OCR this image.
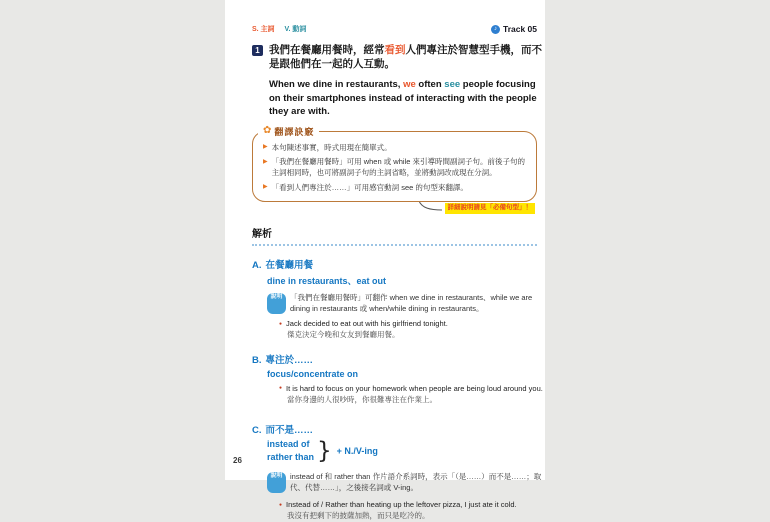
S. 主詞 V. 動詞	♪ Track 05
1 我們在餐廳用餐時，經常看到人們專注於智慧型手機，而不是跟他們在一起的人互動。
When we dine in restaurants, we often see people focusing on their smartphones instead of interacting with the people they are with.
✿ 翻譯訣竅
▶ 本句陳述事實，時式用現在簡單式。
▶ 「我們在餐廳用餐時」可用 when 或 while 來引導時間副詞子句。前後子句的主詞相同時，也可將副詞子句的主詞省略，並將動詞改成現在分詞。
▶ 「看到人們專注於……」可用感官動詞 see 的句型來翻譯。
詳細說明請見「必備句型」！
解析
A. 在餐廳用餐
dine in restaurants、eat out
說明	「我們在餐廳用餐時」可翻作 when we dine in restaurants、while we are dining in restaurants 或 when/while dining in restaurants。
● Jack decided to eat out with his girlfriend tonight.
傑克決定今晚和女友到餐廳用餐。
B. 專注於……
focus/concentrate on
● It is hard to focus on your homework when people are being loud around you.
當你身邊的人很吵時，你很難專注在作業上。
C. 而不是……
instead of
rather than } + N./V-ing
說明	instead of 和 rather than 作片語介系詞時，表示「（是……）而不是……；取代、代替……」，之後接名詞或 V-ing。
● Instead of / Rather than heating up the leftover pizza, I just ate it cold.
我沒有把剩下的披薩加熱，而只是吃冷的。
26
